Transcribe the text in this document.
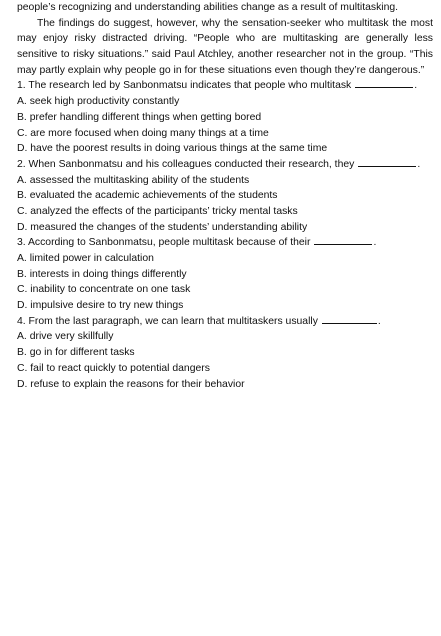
people’s recognizing and understanding abilities change as a result of multitasking.
The findings do suggest, however, why the sensation-seeker who multitask the most
may enjoy risky distracted driving. “People who are multitasking are generally less
sensitive to risky situations.” said Paul Atchley, another researcher not in the group. “This
may partly explain why people go in for these situations even though they’re dangerous.”
1. The research led by Sanbonmatsu indicates that people who multitask	.
A. seek high productivity constantly
B. prefer handling different things when getting bored
C. are more focused when doing many things at a time
D. have the poorest results in doing various things at the same time
2. When Sanbonmatsu and his colleagues conducted their research, they	.
A. assessed the multitasking ability of the students
B. evaluated the academic achievements of the students
C. analyzed the effects of the participants’ tricky mental tasks
D. measured the changes of the students’ understanding ability
3. According to Sanbonmatsu, people multitask because of their	.
A. limited power in calculation
B. interests in doing things differently
C. inability to concentrate on one task
D. impulsive desire to try new things
4. From the last paragraph, we can learn that multitaskers usually	.
A. drive very skillfully
B. go in for different tasks
C. fail to react quickly to potential dangers
D. refuse to explain the reasons for their behavior
